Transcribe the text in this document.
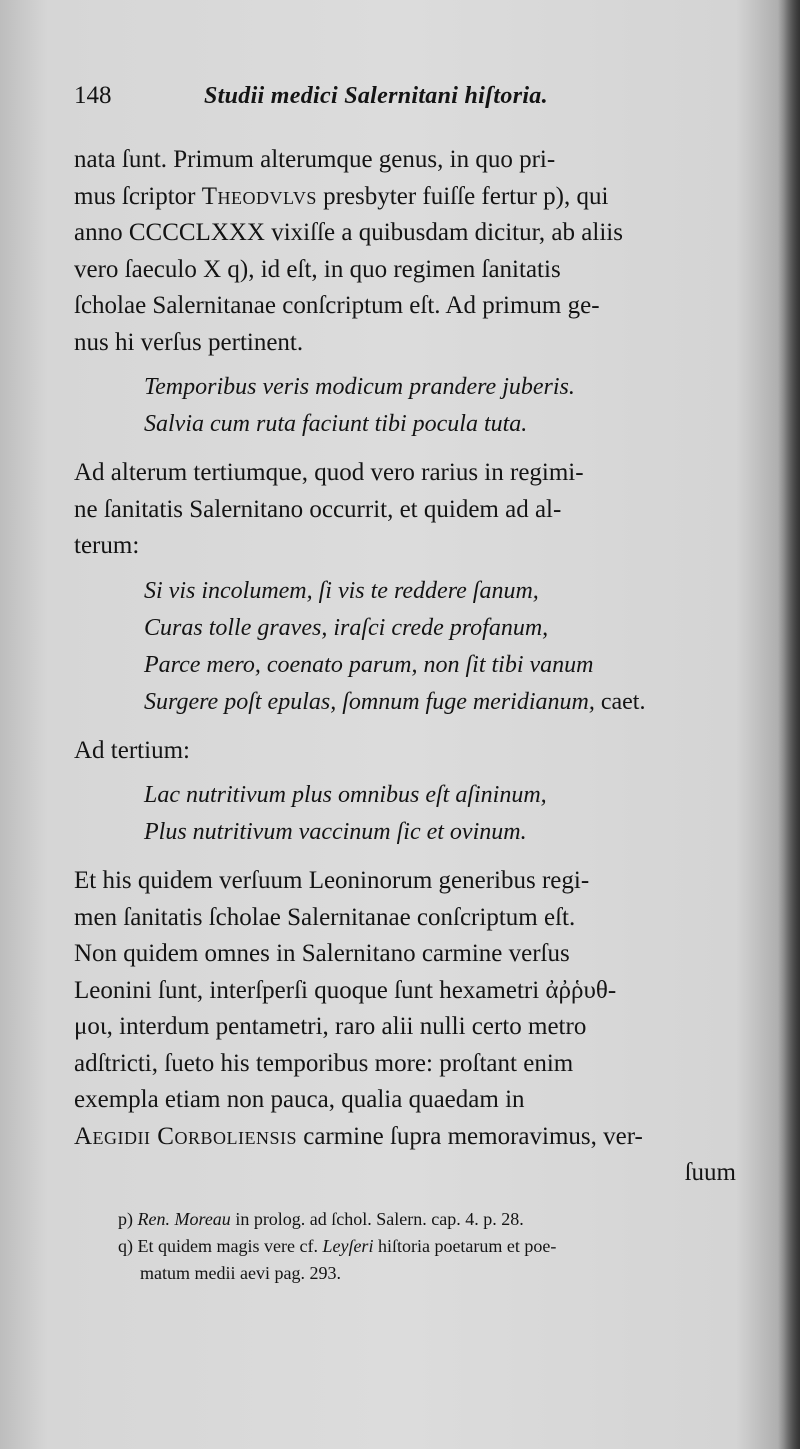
148	Studii medici Salernitani hiſtoria.
nata ſunt. Primum alterumque genus, in quo pri-
mus ſcriptor Theodvlvs presbyter fuiſſe fertur p), qui
anno CCCCLXXX vixiſſe a quibusdam dicitur, ab aliis
vero ſaeculo X q), id eſt, in quo regimen ſanitatis
ſcholae Salernitanae conſcriptum eſt. Ad primum ge-
nus hi verſus pertinent.
Temporibus veris modicum prandere juberis.
Salvia cum ruta faciunt tibi pocula tuta.
Ad alterum tertiumque, quod vero rarius in regimi-
ne ſanitatis Salernitano occurrit, et quidem ad al-
terum:
Si vis incolumem, ſi vis te reddere ſanum,
Curas tolle graves, iraſci crede profanum,
Parce mero, coenato parum, non ſit tibi vanum
Surgere poſt epulas, ſomnum fuge meridianum, caet.
Ad tertium:
Lac nutritivum plus omnibus eſt aſininum,
Plus nutritivum vaccinum ſic et ovinum.
Et his quidem verſuum Leoninorum generibus regi-
men ſanitatis ſcholae Salernitanae conſcriptum eſt.
Non quidem omnes in Salernitano carmine verſus
Leonini ſunt, interſperſi quoque ſunt hexametri ἀῤῥυθ-
μοι, interdum pentametri, raro alii nulli certo metro
adſtricti, ſueto his temporibus more: proſtant enim
exempla etiam non pauca, qualia quaedam in
Aegidii Corboliensis carmine ſupra memoravimus, ver-
ſuum
p) Ren. Moreau in prolog. ad ſchol. Salern. cap. 4. p. 28.
q) Et quidem magis vere cf. Leyſeri hiſtoria poetarum et poe-
matum medii aevi pag. 293.
